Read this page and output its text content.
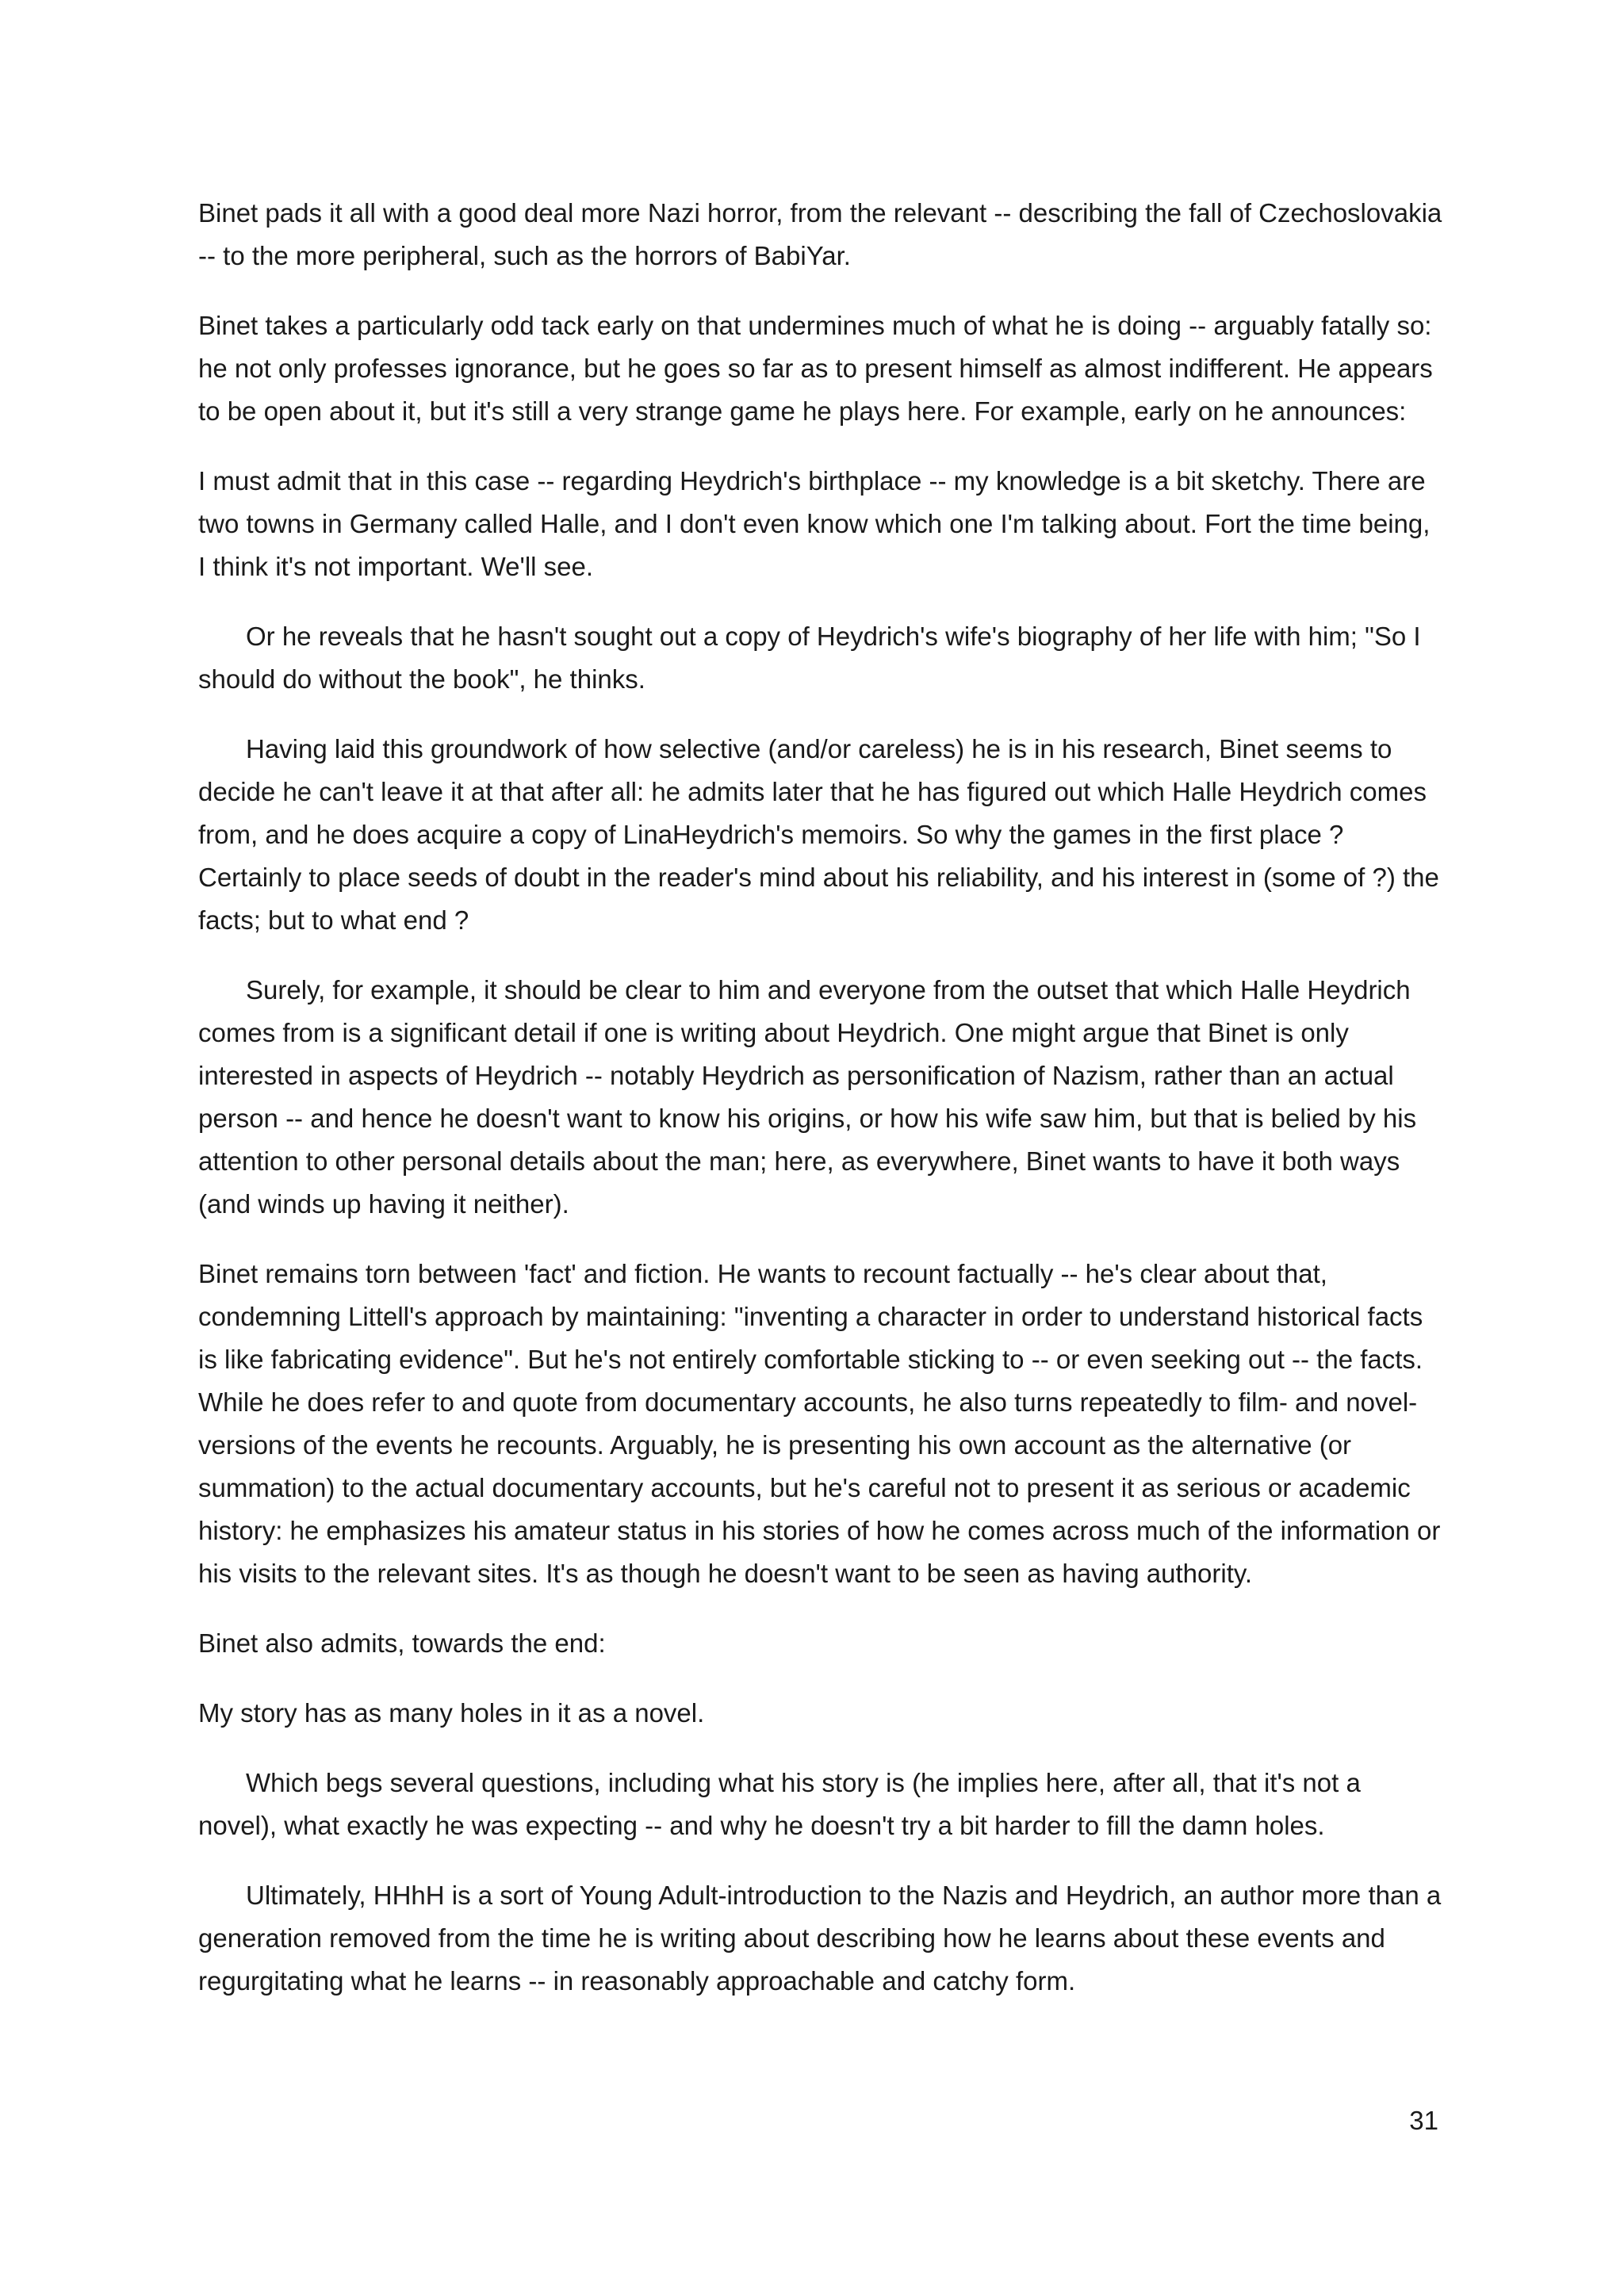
Binet pads it all with a good deal more Nazi horror, from the relevant -- describing the fall of Czechoslovakia -- to the more peripheral, such as the horrors of BabiYar.

Binet takes a particularly odd tack early on that undermines much of what he is doing -- arguably fatally so: he not only professes ignorance, but he goes so far as to present himself as almost indifferent. He appears to be open about it, but it's still a very strange game he plays here. For example, early on he announces:

I must admit that in this case -- regarding Heydrich's birthplace -- my knowledge is a bit sketchy. There are two towns in Germany called Halle, and I don't even know which one I'm talking about. Fort the time being, I think it's not important. We'll see.

Or he reveals that he hasn't sought out a copy of Heydrich's wife's biography of her life with him; "So I should do without the book", he thinks.

Having laid this groundwork of how selective (and/or careless) he is in his research, Binet seems to decide he can't leave it at that after all: he admits later that he has figured out which Halle Heydrich comes from, and he does acquire a copy of LinaHeydrich's memoirs. So why the games in the first place ? Certainly to place seeds of doubt in the reader's mind about his reliability, and his interest in (some of ?) the facts; but to what end ?

Surely, for example, it should be clear to him and everyone from the outset that which Halle Heydrich comes from is a significant detail if one is writing about Heydrich. One might argue that Binet is only interested in aspects of Heydrich -- notably Heydrich as personification of Nazism, rather than an actual person -- and hence he doesn't want to know his origins, or how his wife saw him, but that is belied by his attention to other personal details about the man; here, as everywhere, Binet wants to have it both ways (and winds up having it neither).

Binet remains torn between 'fact' and fiction. He wants to recount factually -- he's clear about that, condemning Littell's approach by maintaining: "inventing a character in order to understand historical facts is like fabricating evidence". But he's not entirely comfortable sticking to -- or even seeking out -- the facts. While he does refer to and quote from documentary accounts, he also turns repeatedly to film- and novel- versions of the events he recounts. Arguably, he is presenting his own account as the alternative (or summation) to the actual documentary accounts, but he's careful not to present it as serious or academic history: he emphasizes his amateur status in his stories of how he comes across much of the information or his visits to the relevant sites. It's as though he doesn't want to be seen as having authority.

Binet also admits, towards the end:

My story has as many holes in it as a novel.

Which begs several questions, including what his story is (he implies here, after all, that it's not a novel), what exactly he was expecting -- and why he doesn't try a bit harder to fill the damn holes.

Ultimately, HHhH is a sort of Young Adult-introduction to the Nazis and Heydrich, an author more than a generation removed from the time he is writing about describing how he learns about these events and regurgitating what he learns -- in reasonably approachable and catchy form.

31
